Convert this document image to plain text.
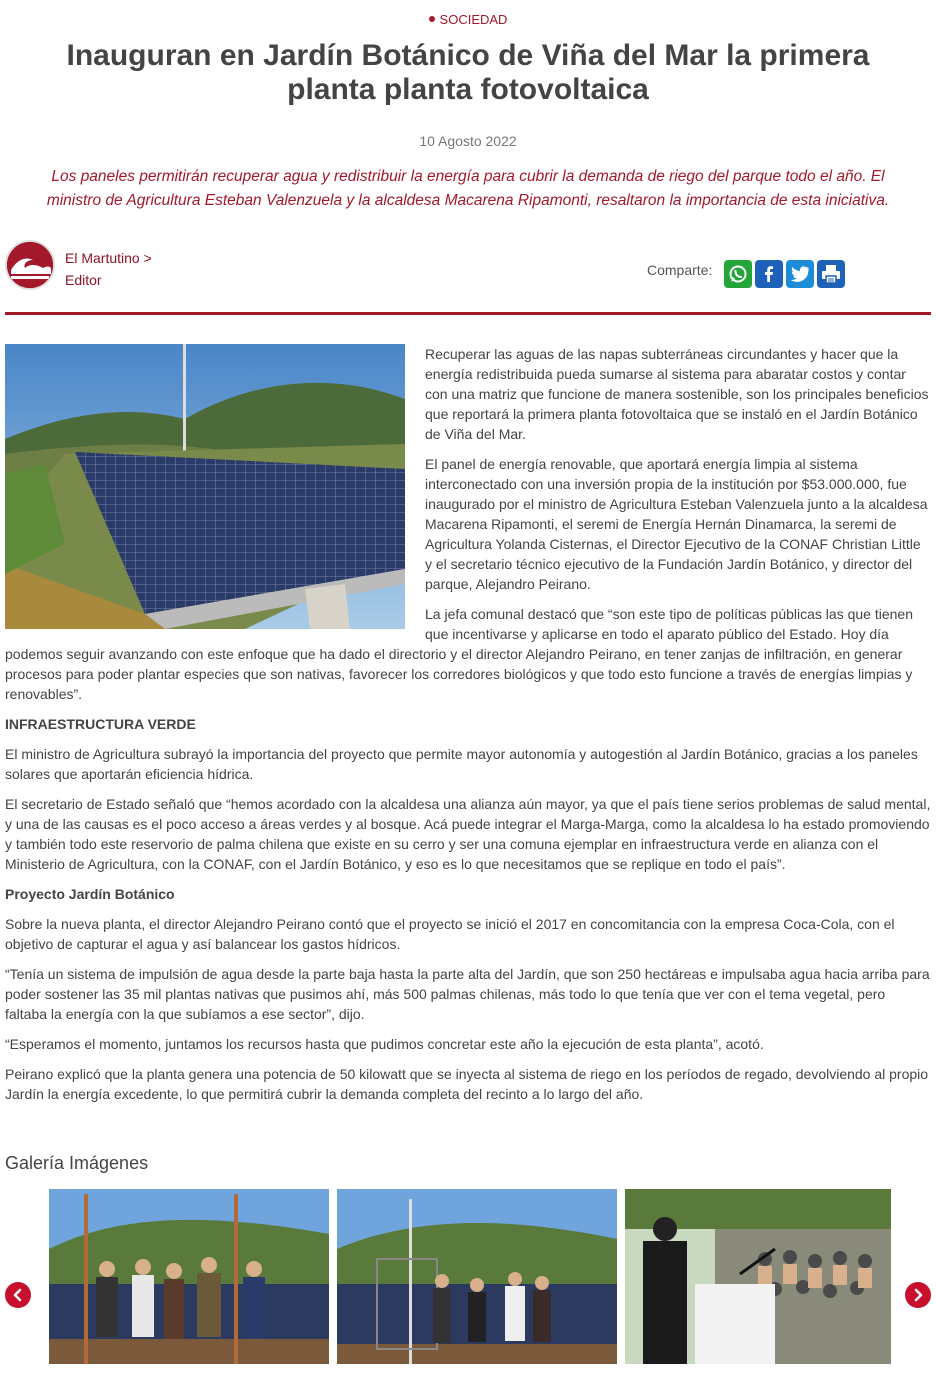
SOCIEDAD
Inauguran en Jardín Botánico de Viña del Mar la primera planta planta fotovoltaica
10 Agosto 2022
Los paneles permitirán recuperar agua y redistribuir la energía para cubrir la demanda de riego del parque todo el año. El ministro de Agricultura Esteban Valenzuela y la alcaldesa Macarena Ripamonti, resaltaron la importancia de esta iniciativa.
El Martutino >
Editor
Comparte:

Recuperar las aguas de las napas subterráneas circundantes y hacer que la energía redistribuida pueda sumarse al sistema para abaratar costos y contar con una matriz que funcione de manera sostenible, son los principales beneficios que reportará la primera planta fotovoltaica que se instaló en el Jardín Botánico de Viña del Mar.

El panel de energía renovable, que aportará energía limpia al sistema interconectado con una inversión propia de la institución por $53.000.000, fue inaugurado por el ministro de Agricultura Esteban Valenzuela junto a la alcaldesa Macarena Ripamonti, el seremi de Energía Hernán Dinamarca, la seremi de Agricultura Yolanda Cisternas, el Director Ejecutivo de la CONAF Christian Little y el secretario técnico ejecutivo de la Fundación Jardín Botánico, y director del parque, Alejandro Peirano.

La jefa comunal destacó que “son este tipo de políticas públicas las que tienen que incentivarse y aplicarse en todo el aparato público del Estado. Hoy día podemos seguir avanzando con este enfoque que ha dado el directorio y el director Alejandro Peirano, en tener zanjas de infiltración, en generar procesos para poder plantar especies que son nativas, favorecer los corredores biológicos y que todo esto funcione a través de energías limpias y renovables”.

INFRAESTRUCTURA VERDE

El ministro de Agricultura subrayó la importancia del proyecto que permite mayor autonomía y autogestión al Jardín Botánico, gracias a los paneles solares que aportarán eficiencia hídrica.

El secretario de Estado señaló que “hemos acordado con la alcaldesa una alianza aún mayor, ya que el país tiene serios problemas de salud mental, y una de las causas es el poco acceso a áreas verdes y al bosque. Acá puede integrar el Marga-Marga, como la alcaldesa lo ha estado promoviendo y también todo este reservorio de palma chilena que existe en su cerro y ser una comuna ejemplar en infraestructura verde en alianza con el Ministerio de Agricultura, con la CONAF, con el Jardín Botánico, y eso es lo que necesitamos que se replique en todo el país”.

Proyecto Jardín Botánico

Sobre la nueva planta, el director Alejandro Peirano contó que el proyecto se inició el 2017 en concomitancia con la empresa Coca-Cola, con el objetivo de capturar el agua y así balancear los gastos hídricos.

“Tenía un sistema de impulsión de agua desde la parte baja hasta la parte alta del Jardín, que son 250 hectáreas e impulsaba agua hacia arriba para poder sostener las 35 mil plantas nativas que pusimos ahí, más 500 palmas chilenas, más todo lo que tenía que ver con el tema vegetal, pero faltaba la energía con la que subíamos a ese sector”, dijo.

“Esperamos el momento, juntamos los recursos hasta que pudimos concretar este año la ejecución de esta planta”, acotó.

Peirano explicó que la planta genera una potencia de 50 kilowatt que se inyecta al sistema de riego en los períodos de regado, devolviendo al propio Jardín la energía excedente, lo que permitirá cubrir la demanda completa del recinto a lo largo del año.

Galería Imágenes
